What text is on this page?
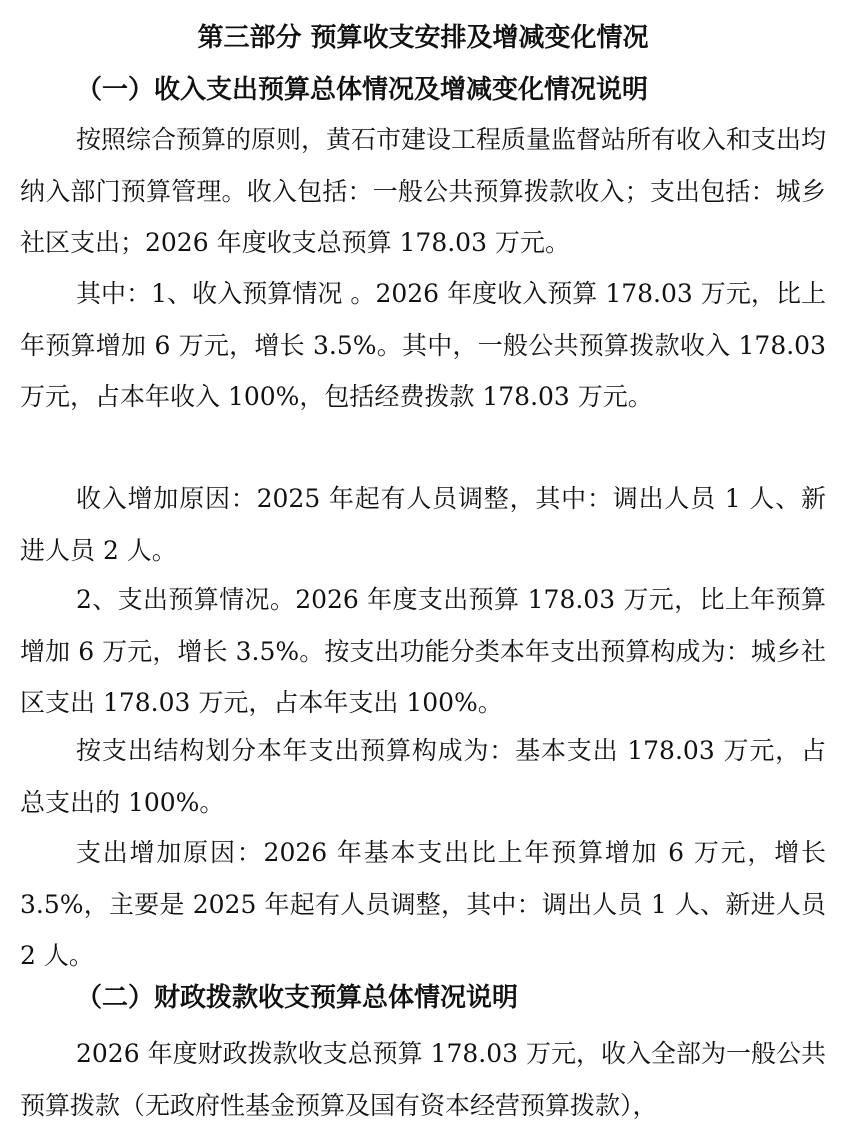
第三部分 预算收支安排及增减变化情况
（一）收入支出预算总体情况及增减变化情况说明

按照综合预算的原则，黄石市建设工程质量监督站所有收入和支出均纳入部门预算管理。收入包括：一般公共预算拨款收入；支出包括：城乡社区支出；2026 年度收支总预算 178.03 万元。

其中：1、收入预算情况 。2026 年度收入预算 178.03 万元，比上年预算增加 6 万元，增长 3.5%。其中，一般公共预算拨款收入 178.03 万元，占本年收入 100%，包括经费拨款 178.03 万元。

收入增加原因：2025 年起有人员调整，其中：调出人员 1 人、新进人员 2 人。

2、支出预算情况。2026 年度支出预算 178.03 万元，比上年预算增加 6 万元，增长 3.5%。按支出功能分类本年支出预算构成为：城乡社区支出 178.03 万元，占本年支出 100%。

按支出结构划分本年支出预算构成为：基本支出 178.03 万元，占总支出的 100%。

支出增加原因：2026 年基本支出比上年预算增加 6 万元，增长 3.5%，主要是 2025 年起有人员调整，其中：调出人员 1 人、新进人员 2 人。

（二）财政拨款收支预算总体情况说明

2026 年度财政拨款收支总预算 178.03 万元，收入全部为一般公共预算拨款（无政府性基金预算及国有资本经营预算拨款），
